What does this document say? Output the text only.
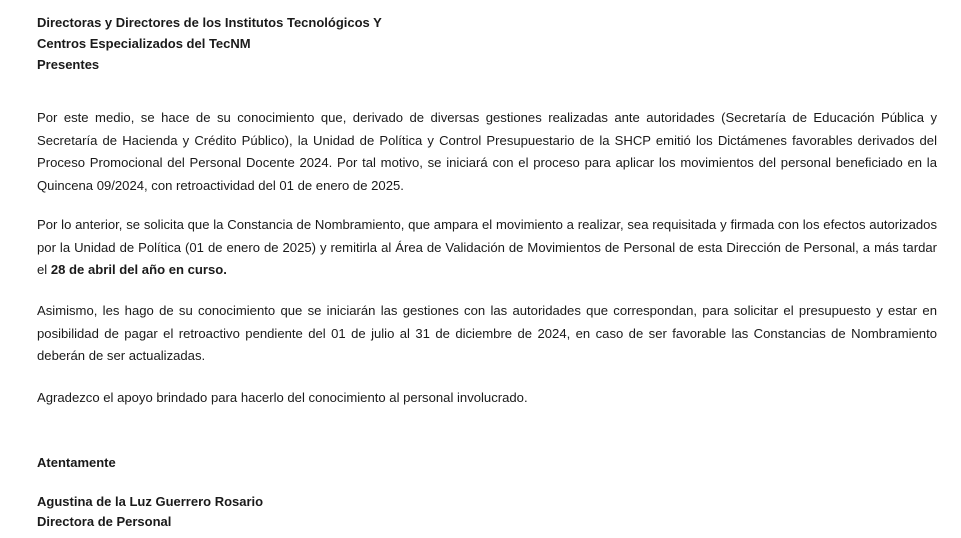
Directoras y Directores de los Institutos Tecnológicos Y
Centros Especializados del TecNM
Presentes

Por este medio, se hace de su conocimiento que, derivado de diversas gestiones realizadas ante autoridades (Secretaría de Educación Pública y Secretaría de Hacienda y Crédito Público), la Unidad de Política y Control Presupuestario de la SHCP emitió los Dictámenes favorables derivados del Proceso Promocional del Personal Docente 2024. Por tal motivo, se iniciará con el proceso para aplicar los movimientos del personal beneficiado en la Quincena 09/2024, con retroactividad del 01 de enero de 2025.

Por lo anterior, se solicita que la Constancia de Nombramiento, que ampara el movimiento a realizar, sea requisitada y firmada con los efectos autorizados por la Unidad de Política (01 de enero de 2025) y remitirla al Área de Validación de Movimientos de Personal de esta Dirección de Personal, a más tardar el 28 de abril del año en curso.

Asimismo, les hago de su conocimiento que se iniciarán las gestiones con las autoridades que correspondan, para solicitar el presupuesto y estar en posibilidad de pagar el retroactivo pendiente del 01 de julio al 31 de diciembre de 2024, en caso de ser favorable las Constancias de Nombramiento deberán de ser actualizadas.

Agradezco el apoyo brindado para hacerlo del conocimiento al personal involucrado.

Atentamente
Agustina de la Luz Guerrero Rosario
Directora de Personal
